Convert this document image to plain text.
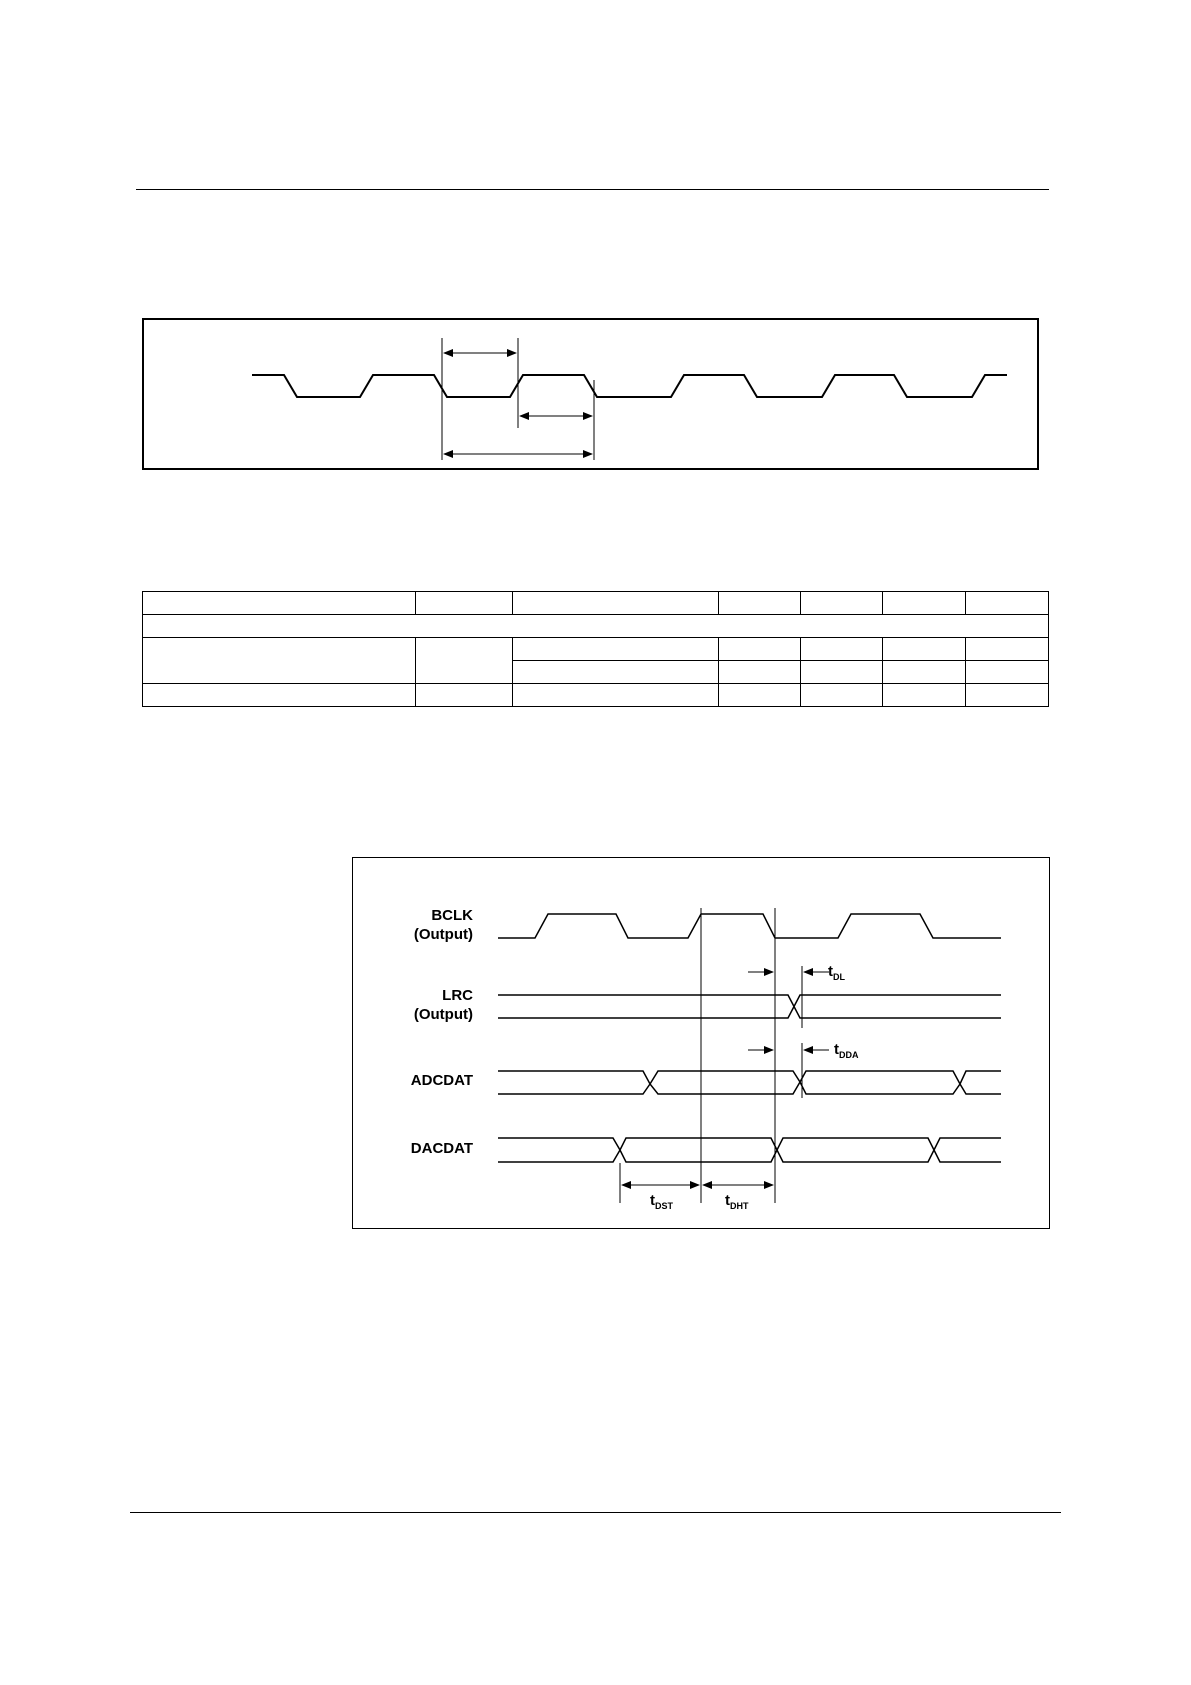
BCLK
(Output)
LRC
(Output)
ADCDAT
DACDAT
$t_{DL}$
$t_{DDA}$
$t_{DST}$	$t_{DHT}$
